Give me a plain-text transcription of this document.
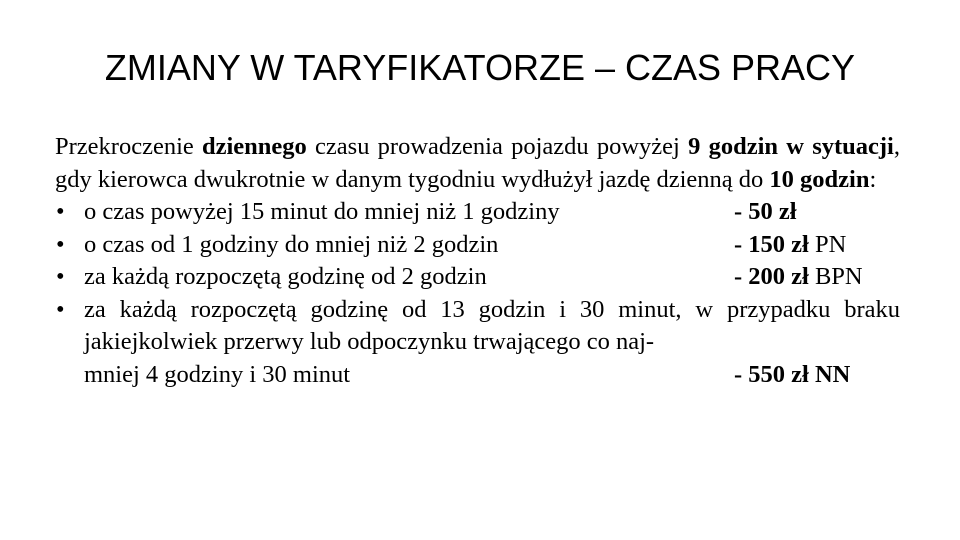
ZMIANY W TARYFIKATORZE – CZAS PRACY

Przekroczenie dziennego czasu prowadzenia pojazdu powyżej 9 godzin w sytuacji, gdy kierowca dwukrotnie w danym tygodniu wydłużył jazdę dzienną do 10 godzin:

• o czas powyżej 15 minut do mniej niż 1 godziny	- 50 zł
• o czas od 1 godziny do mniej niż 2 godzin	- 150 zł PN
• za każdą rozpoczętą godzinę od 2 godzin	- 200 zł BPN
• za każdą rozpoczętą godzinę od 13 godzin i 30 minut, w przypadku braku jakiejkolwiek przerwy lub odpoczynku trwającego co naj-
mniej 4 godziny i 30 minut	- 550 zł NN
